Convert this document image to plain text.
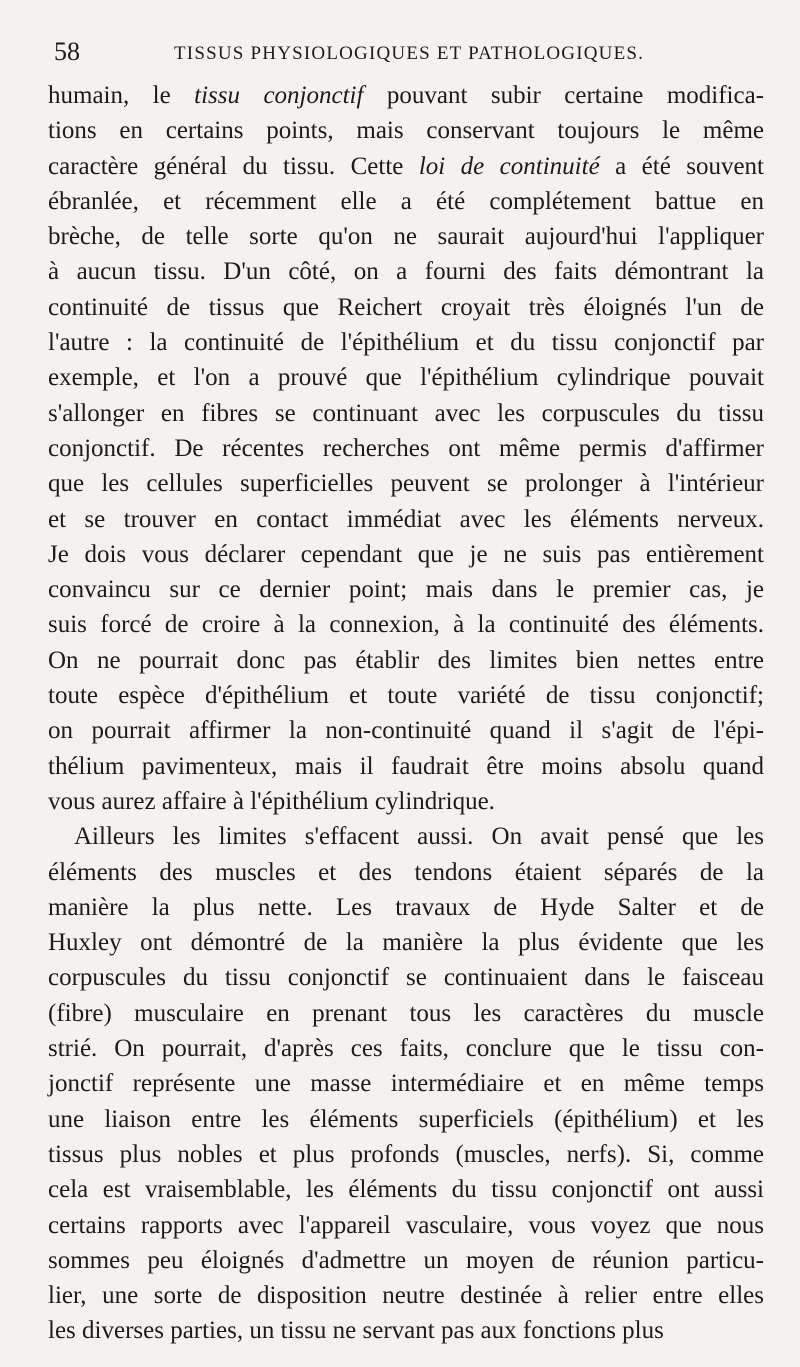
58	TISSUS PHYSIOLOGIQUES ET PATHOLOGIQUES.
humain, le tissu conjonctif pouvant subir certaine modifica-
tions en certains points, mais conservant toujours le même
caractère général du tissu. Cette loi de continuité a été souvent
ébranlée, et récemment elle a été complétement battue en
brèche, de telle sorte qu'on ne saurait aujourd'hui l'appliquer
à aucun tissu. D'un côté, on a fourni des faits démontrant la
continuité de tissus que Reichert croyait très éloignés l'un de
l'autre : la continuité de l'épithélium et du tissu conjonctif par
exemple, et l'on a prouvé que l'épithélium cylindrique pouvait
s'allonger en fibres se continuant avec les corpuscules du tissu
conjonctif. De récentes recherches ont même permis d'affirmer
que les cellules superficielles peuvent se prolonger à l'intérieur
et se trouver en contact immédiat avec les éléments nerveux.
Je dois vous déclarer cependant que je ne suis pas entièrement
convaincu sur ce dernier point; mais dans le premier cas, je
suis forcé de croire à la connexion, à la continuité des éléments.
On ne pourrait donc pas établir des limites bien nettes entre
toute espèce d'épithélium et toute variété de tissu conjonctif;
on pourrait affirmer la non-continuité quand il s'agit de l'épi-
thélium pavimenteux, mais il faudrait être moins absolu quand
vous aurez affaire à l'épithélium cylindrique.
Ailleurs les limites s'effacent aussi. On avait pensé que les
éléments des muscles et des tendons étaient séparés de la
manière la plus nette. Les travaux de Hyde Salter et de
Huxley ont démontré de la manière la plus évidente que les
corpuscules du tissu conjonctif se continuaient dans le faisceau
(fibre) musculaire en prenant tous les caractères du muscle
strié. On pourrait, d'après ces faits, conclure que le tissu con-
jonctif représente une masse intermédiaire et en même temps
une liaison entre les éléments superficiels (épithélium) et les
tissus plus nobles et plus profonds (muscles, nerfs). Si, comme
cela est vraisemblable, les éléments du tissu conjonctif ont aussi
certains rapports avec l'appareil vasculaire, vous voyez que nous
sommes peu éloignés d'admettre un moyen de réunion particu-
lier, une sorte de disposition neutre destinée à relier entre elles
les diverses parties, un tissu ne servant pas aux fonctions plus
